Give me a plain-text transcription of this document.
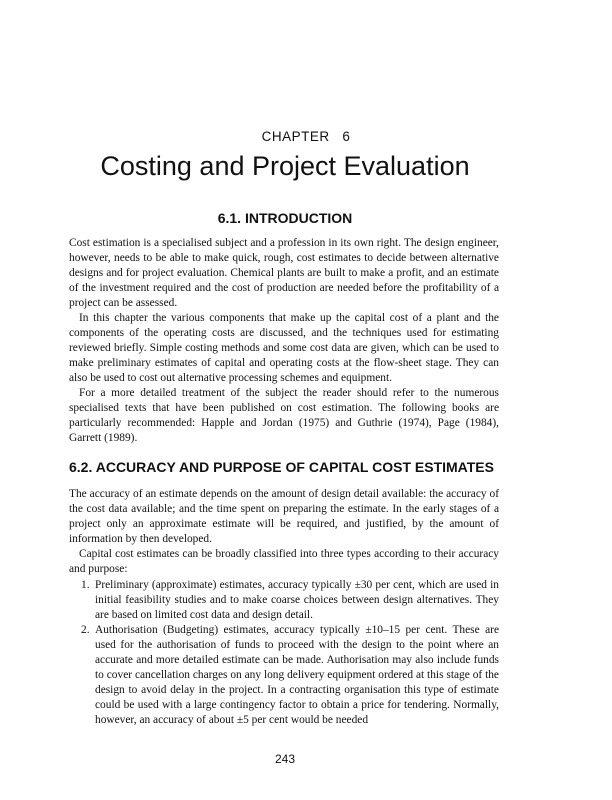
CHAPTER   6
Costing and Project Evaluation
6.1. INTRODUCTION

Cost estimation is a specialised subject and a profession in its own right. The design engineer, however, needs to be able to make quick, rough, cost estimates to decide between alternative designs and for project evaluation. Chemical plants are built to make a profit, and an estimate of the investment required and the cost of production are needed before the profitability of a project can be assessed.

In this chapter the various components that make up the capital cost of a plant and the components of the operating costs are discussed, and the techniques used for estimating reviewed briefly. Simple costing methods and some cost data are given, which can be used to make preliminary estimates of capital and operating costs at the flow-sheet stage. They can also be used to cost out alternative processing schemes and equipment.

For a more detailed treatment of the subject the reader should refer to the numerous specialised texts that have been published on cost estimation. The following books are particularly recommended: Happle and Jordan (1975) and Guthrie (1974), Page (1984), Garrett (1989).

6.2. ACCURACY AND PURPOSE OF CAPITAL COST ESTIMATES

The accuracy of an estimate depends on the amount of design detail available: the accuracy of the cost data available; and the time spent on preparing the estimate. In the early stages of a project only an approximate estimate will be required, and justified, by the amount of information by then developed.

Capital cost estimates can be broadly classified into three types according to their accuracy and purpose:

1. Preliminary (approximate) estimates, accuracy typically ±30 per cent, which are used in initial feasibility studies and to make coarse choices between design alternatives. They are based on limited cost data and design detail.
2. Authorisation (Budgeting) estimates, accuracy typically ±10–15 per cent. These are used for the authorisation of funds to proceed with the design to the point where an accurate and more detailed estimate can be made. Authorisation may also include funds to cover cancellation charges on any long delivery equipment ordered at this stage of the design to avoid delay in the project. In a contracting organisation this type of estimate could be used with a large contingency factor to obtain a price for tendering. Normally, however, an accuracy of about ±5 per cent would be needed
243
